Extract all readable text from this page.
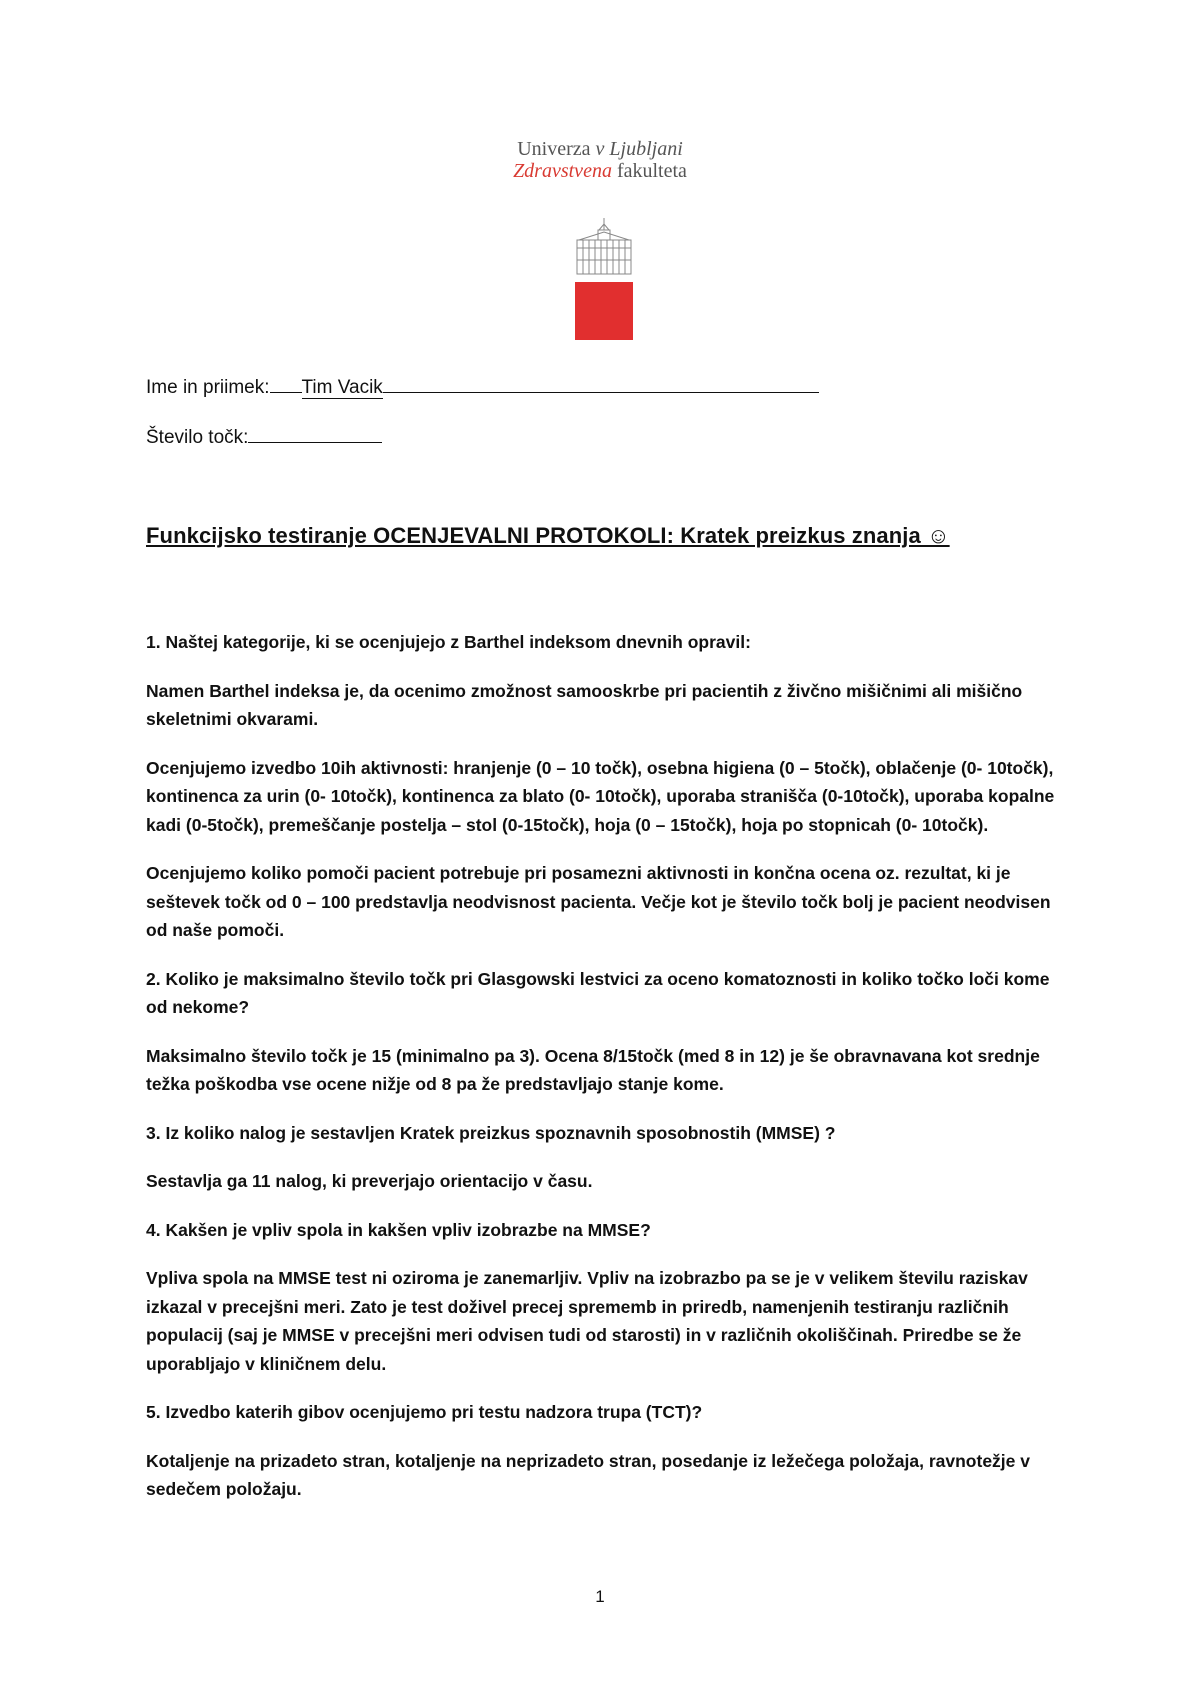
Univerza v Ljubljani
Zdravstvena fakulteta
Ime in priimek: Tim Vacik
Število točk:
Funkcijsko testiranje OCENJEVALNI PROTOKOLI: Kratek preizkus znanja ☺

1. Naštej kategorije, ki se ocenjujejo z Barthel indeksom dnevnih opravil:

Namen Barthel indeksa je, da ocenimo zmožnost samooskrbe pri pacientih z živčno mišičnimi ali mišično skeletnimi okvarami.

Ocenjujemo izvedbo 10ih aktivnosti: hranjenje (0 – 10 točk), osebna higiena (0 – 5točk), oblačenje (0- 10točk), kontinenca za urin (0- 10točk), kontinenca za blato (0- 10točk), uporaba stranišča (0-10točk), uporaba kopalne kadi (0-5točk), premeščanje postelja – stol (0-15točk), hoja (0 – 15točk), hoja po stopnicah (0- 10točk).

Ocenjujemo koliko pomoči pacient potrebuje pri posamezni aktivnosti in končna ocena oz. rezultat, ki je seštevek točk od 0 – 100 predstavlja neodvisnost pacienta. Večje kot je število točk bolj je pacient neodvisen od naše pomoči.

2. Koliko je maksimalno število točk pri Glasgowski lestvici za oceno komatoznosti in koliko točko loči kome od nekome?

Maksimalno število točk je 15 (minimalno pa 3). Ocena 8/15točk (med 8 in 12) je še obravnavana kot srednje težka poškodba vse ocene nižje od 8 pa že predstavljajo stanje kome.

3. Iz koliko nalog je sestavljen Kratek preizkus spoznavnih sposobnostih (MMSE) ?

Sestavlja ga 11 nalog, ki preverjajo orientacijo v času.

4. Kakšen je vpliv spola in kakšen vpliv izobrazbe na MMSE?

Vpliva spola na MMSE test ni oziroma je zanemarljiv. Vpliv na izobrazbo pa se je v velikem številu raziskav izkazal v precejšni meri. Zato je test doživel precej sprememb in priredb, namenjenih testiranju različnih populacij (saj je MMSE v precejšni meri odvisen tudi od starosti) in v različnih okoliščinah. Priredbe se že uporabljajo v kliničnem delu.

5. Izvedbo katerih gibov ocenjujemo pri testu nadzora trupa (TCT)?

Kotaljenje na prizadeto stran, kotaljenje na neprizadeto stran, posedanje iz ležečega položaja, ravnotežje v sedečem položaju.

1
